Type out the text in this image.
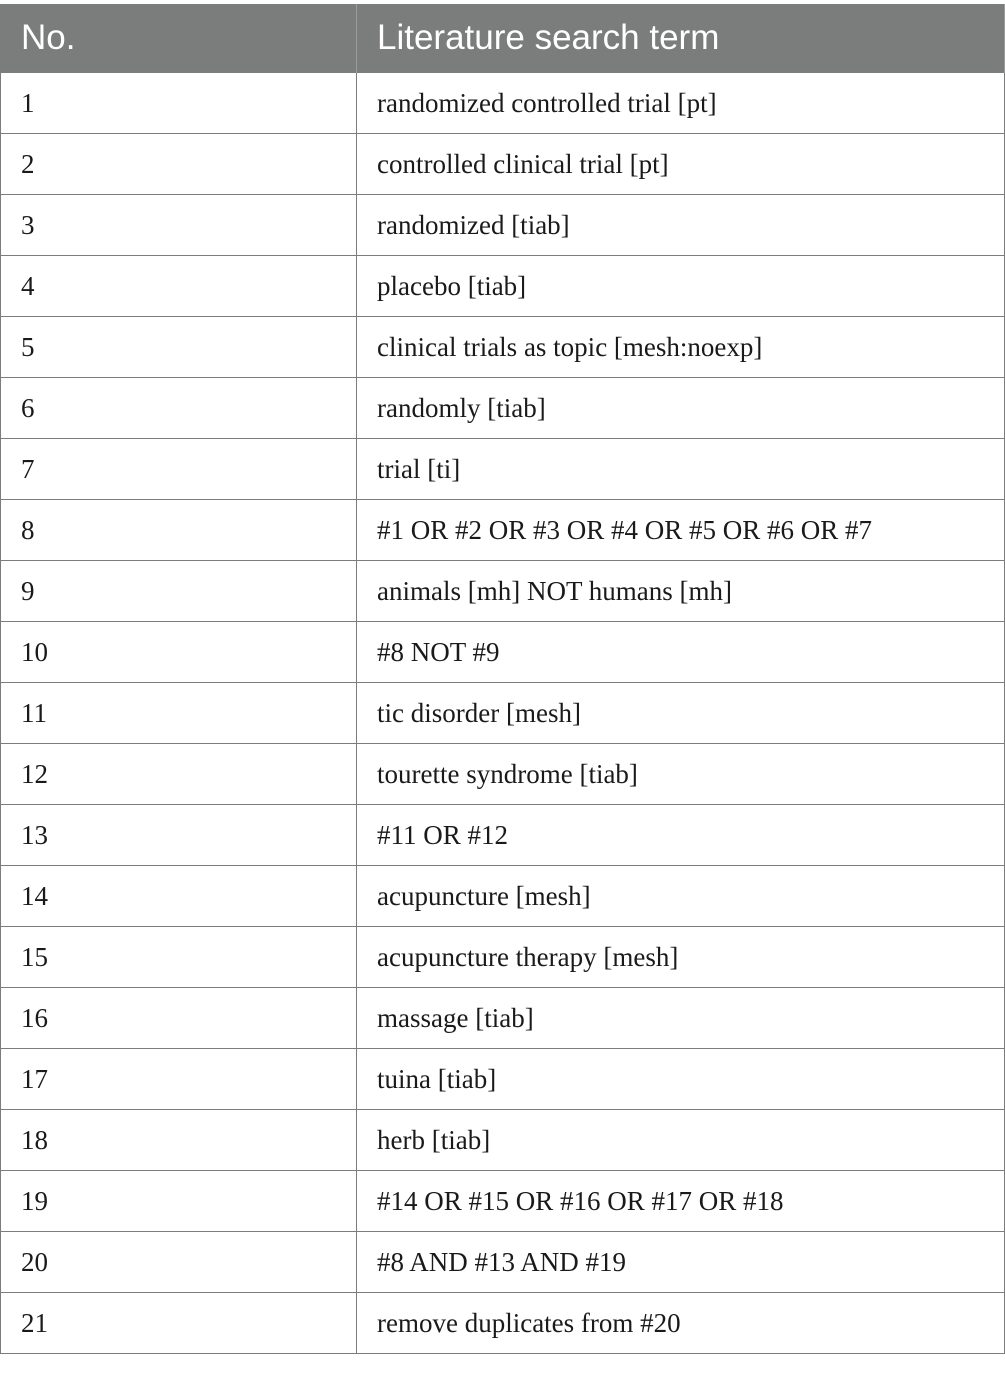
No.	Literature search term
1	randomized controlled trial [pt]
2	controlled clinical trial [pt]
3	randomized [tiab]
4	placebo [tiab]
5	clinical trials as topic [mesh:noexp]
6	randomly [tiab]
7	trial [ti]
8	#1 OR #2 OR #3 OR #4 OR #5 OR #6 OR #7
9	animals [mh] NOT humans [mh]
10	#8 NOT #9
11	tic disorder [mesh]
12	tourette syndrome [tiab]
13	#11 OR #12
14	acupuncture [mesh]
15	acupuncture therapy [mesh]
16	massage [tiab]
17	tuina [tiab]
18	herb [tiab]
19	#14 OR #15 OR #16 OR #17 OR #18
20	#8 AND #13 AND #19
21	remove duplicates from #20
